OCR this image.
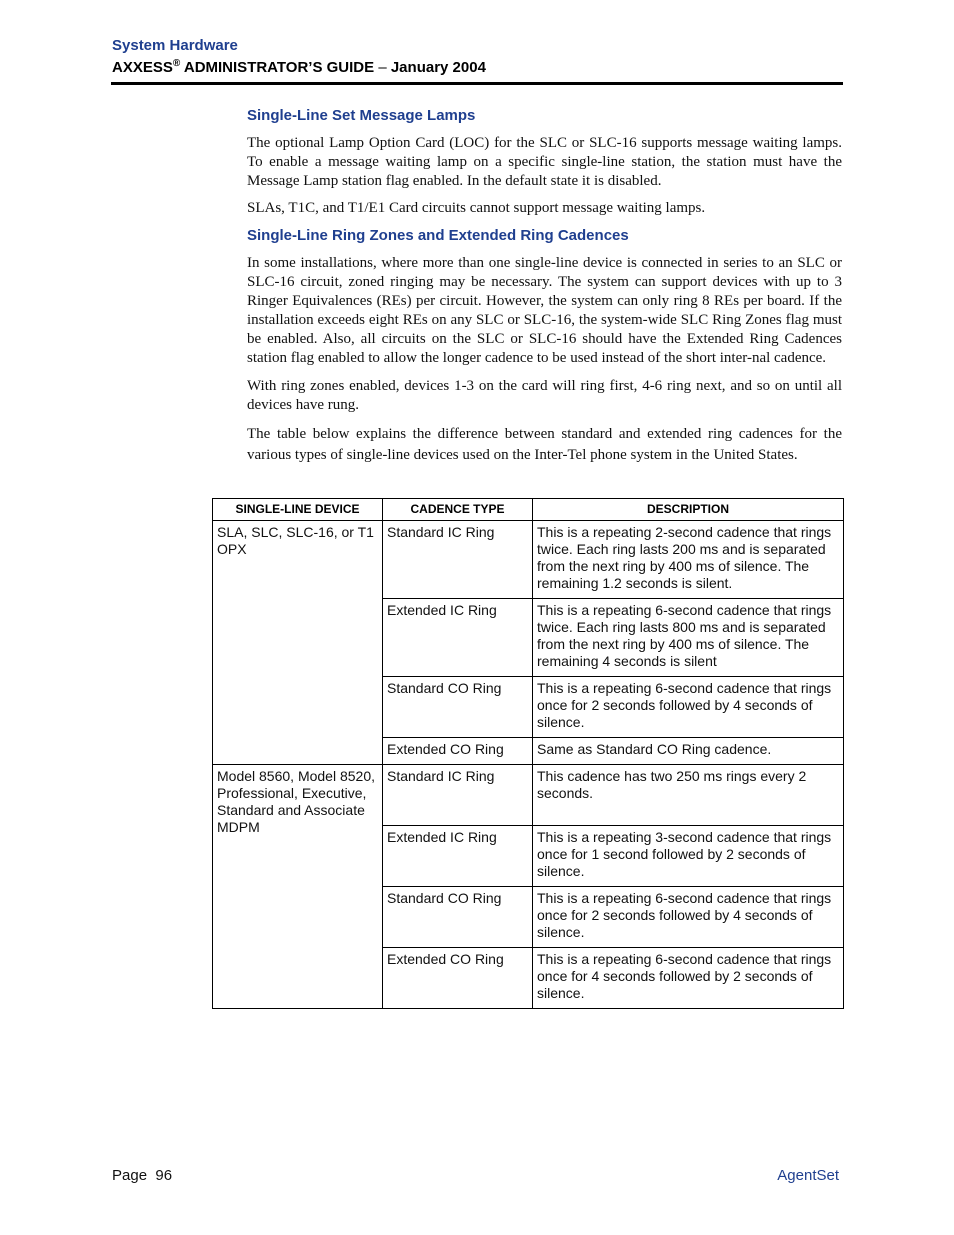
System Hardware
AXXESS® ADMINISTRATOR’S GUIDE – January 2004
Single-Line Set Message Lamps

The optional Lamp Option Card (LOC) for the SLC or SLC-16 supports message waiting lamps. To enable a message waiting lamp on a specific single-line station, the station must have the Message Lamp station flag enabled. In the default state it is disabled.

SLAs, T1C, and T1/E1 Card circuits cannot support message waiting lamps.

Single-Line Ring Zones and Extended Ring Cadences

In some installations, where more than one single-line device is connected in series to an SLC or SLC-16 circuit, zoned ringing may be necessary. The system can support devices with up to 3 Ringer Equivalences (REs) per circuit. However, the system can only ring 8 REs per board. If the installation exceeds eight REs on any SLC or SLC-16, the system-wide SLC Ring Zones flag must be enabled. Also, all circuits on the SLC or SLC-16 should have the Extended Ring Cadences station flag enabled to allow the longer cadence to be used instead of the short inter-nal cadence.

With ring zones enabled, devices 1-3 on the card will ring first, 4-6 ring next, and so on until all devices have rung.

The table below explains the difference between standard and extended ring cadences for the various types of single-line devices used on the Inter-Tel phone system in the United States.

SINGLE-LINE DEVICE	CADENCE TYPE	DESCRIPTION
SLA, SLC, SLC-16, or T1 OPX	Standard IC Ring	This is a repeating 2-second cadence that rings twice. Each ring lasts 200 ms and is separated from the next ring by 400 ms of silence. The remaining 1.2 seconds is silent.
	Extended IC Ring	This is a repeating 6-second cadence that rings twice. Each ring lasts 800 ms and is separated from the next ring by 400 ms of silence. The remaining 4 seconds is silent
	Standard CO Ring	This is a repeating 6-second cadence that rings once for 2 seconds followed by 4 seconds of silence.
	Extended CO Ring	Same as Standard CO Ring cadence.
Model 8560, Model 8520, Professional, Executive, Standard and Associate MDPM	Standard IC Ring	This cadence has two 250 ms rings every 2 seconds.
	Extended IC Ring	This is a repeating 3-second cadence that rings once for 1 second followed by 2 seconds of silence.
	Standard CO Ring	This is a repeating 6-second cadence that rings once for 2 seconds followed by 4 seconds of silence.
	Extended CO Ring	This is a repeating 6-second cadence that rings once for 4 seconds followed by 2 seconds of silence.
Page  96	AgentSet
